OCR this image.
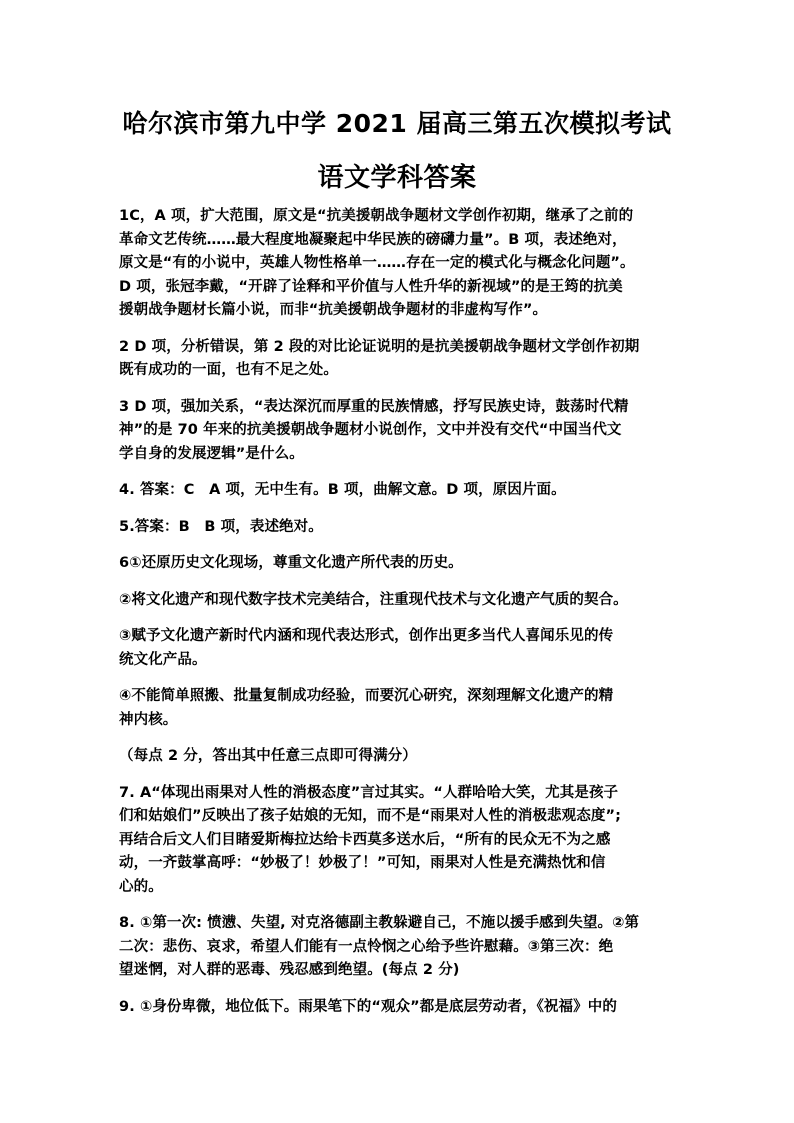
哈尔滨市第九中学 2021 届高三第五次模拟考试
语文学科答案

1C，A 项，扩大范围，原文是“抗美援朝战争题材文学创作初期，继承了之前的

革命文艺传统……最大程度地凝聚起中华民族的磅礴力量”。B 项，表述绝对，

原文是“有的小说中，英雄人物性格单一……存在一定的模式化与概念化问题”。

D 项，张冠李戴，“开辟了诠释和平价值与人性升华的新视域”的是王筠的抗美

援朝战争题材长篇小说，而非“抗美援朝战争题材的非虚构写作”。

2 D 项，分析错误，第 2 段的对比论证说明的是抗美援朝战争题材文学创作初期

既有成功的一面，也有不足之处。

3 D 项，强加关系，“表达深沉而厚重的民族情感，抒写民族史诗，鼓荡时代精

神”的是 70 年来的抗美援朝战争题材小说创作，文中并没有交代“中国当代文

学自身的发展逻辑”是什么。

4. 答案：C　A 项，无中生有。B 项，曲解文意。D 项，原因片面。

5.答案：B　B 项，表述绝对。

6①还原历史文化现场，尊重文化遗产所代表的历史。

②将文化遗产和现代数字技术完美结合，注重现代技术与文化遗产气质的契合。

③赋予文化遗产新时代内涵和现代表达形式，创作出更多当代人喜闻乐见的传

统文化产品。

④不能简单照搬、批量复制成功经验，而要沉心研究，深刻理解文化遗产的精

神内核。

（每点 2 分，答出其中任意三点即可得满分）

7. A“体现出雨果对人性的消极态度”言过其实。“人群哈哈大笑，尤其是孩子

们和姑娘们”反映出了孩子姑娘的无知，而不是“雨果对人性的消极悲观态度”;

再结合后文人们目睹爱斯梅拉达给卡西莫多送水后，“所有的民众无不为之感

动，一齐鼓掌高呼：“妙极了！妙极了！”可知，雨果对人性是充满热忱和信

心的。

8. ①第一次: 愤懑、失望, 对克洛德副主教躲避自己，不施以援手感到失望。②第

二次：悲伤、哀求，希望人们能有一点怜悯之心给予些许慰藉。③第三次：绝

望迷惘，对人群的恶毒、残忍感到绝望。(每点 2 分)

9. ①身份卑微，地位低下。雨果笔下的“观众”都是底层劳动者，《祝福》中的
